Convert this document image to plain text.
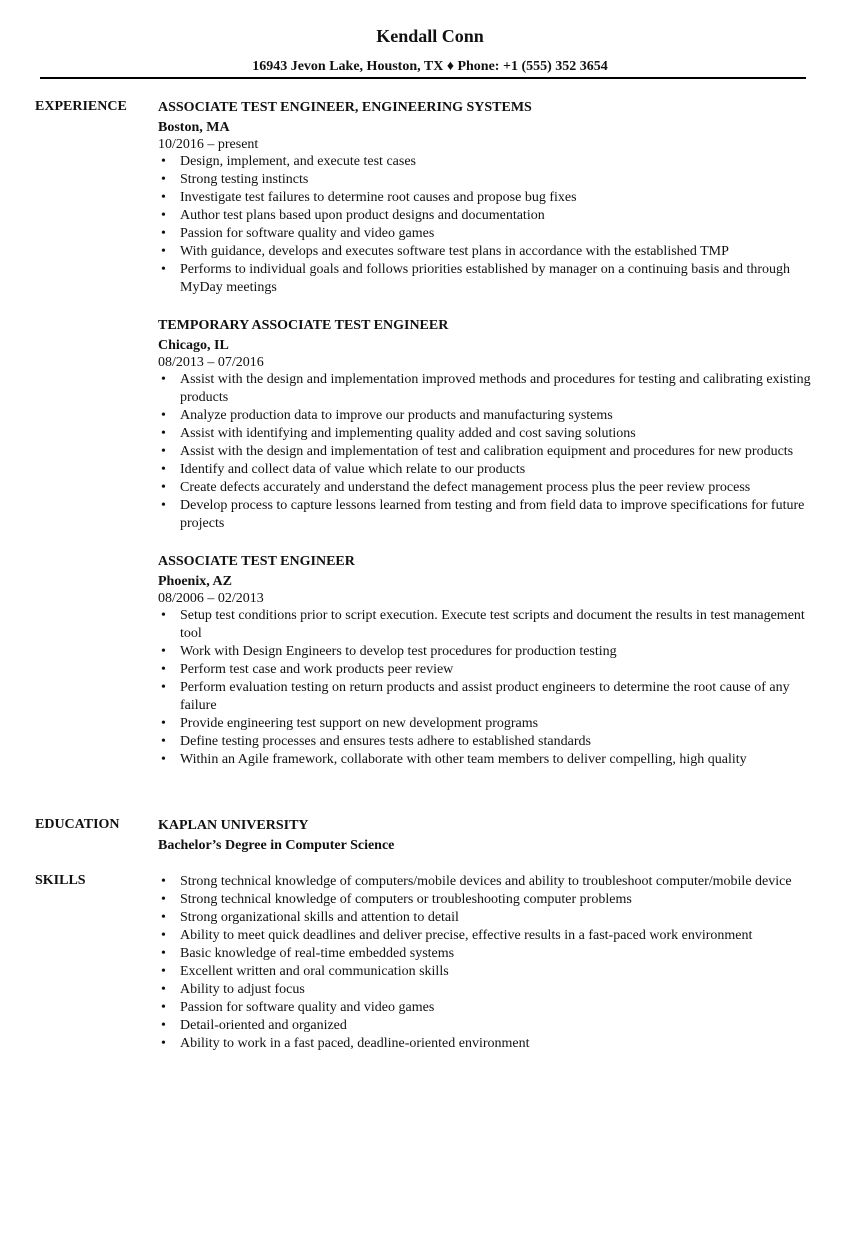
Kendall Conn
16943 Jevon Lake, Houston, TX ♦ Phone: +1 (555) 352 3654
EXPERIENCE ASSOCIATE TEST ENGINEER, ENGINEERING SYSTEMS
Boston, MA
10/2016 – present
• Design, implement, and execute test cases
• Strong testing instincts
• Investigate test failures to determine root causes and propose bug fixes
• Author test plans based upon product designs and documentation
• Passion for software quality and video games
• With guidance, develops and executes software test plans in accordance with the established TMP
• Performs to individual goals and follows priorities established by manager on a continuing basis and through MyDay meetings
TEMPORARY ASSOCIATE TEST ENGINEER
Chicago, IL
08/2013 – 07/2016
• Assist with the design and implementation improved methods and procedures for testing and calibrating existing products
• Analyze production data to improve our products and manufacturing systems
• Assist with identifying and implementing quality added and cost saving solutions
• Assist with the design and implementation of test and calibration equipment and procedures for new products
• Identify and collect data of value which relate to our products
• Create defects accurately and understand the defect management process plus the peer review process
• Develop process to capture lessons learned from testing and from field data to improve specifications for future projects
ASSOCIATE TEST ENGINEER
Phoenix, AZ
08/2006 – 02/2013
• Setup test conditions prior to script execution. Execute test scripts and document the results in test management tool
• Work with Design Engineers to develop test procedures for production testing
• Perform test case and work products peer review
• Perform evaluation testing on return products and assist product engineers to determine the root cause of any failure
• Provide engineering test support on new development programs
• Define testing processes and ensures tests adhere to established standards
• Within an Agile framework, collaborate with other team members to deliver compelling, high quality
EDUCATION	KAPLAN UNIVERSITY
Bachelor’s Degree in Computer Science
SKILLS
•	Strong technical knowledge of computers/mobile devices and ability to troubleshoot computer/mobile device
• Strong technical knowledge of computers or troubleshooting computer problems
• Strong organizational skills and attention to detail
• Ability to meet quick deadlines and deliver precise, effective results in a fast-paced work environment
• Basic knowledge of real-time embedded systems
• Excellent written and oral communication skills
• Ability to adjust focus
• Passion for software quality and video games
• Detail-oriented and organized
• Ability to work in a fast paced, deadline-oriented environment
